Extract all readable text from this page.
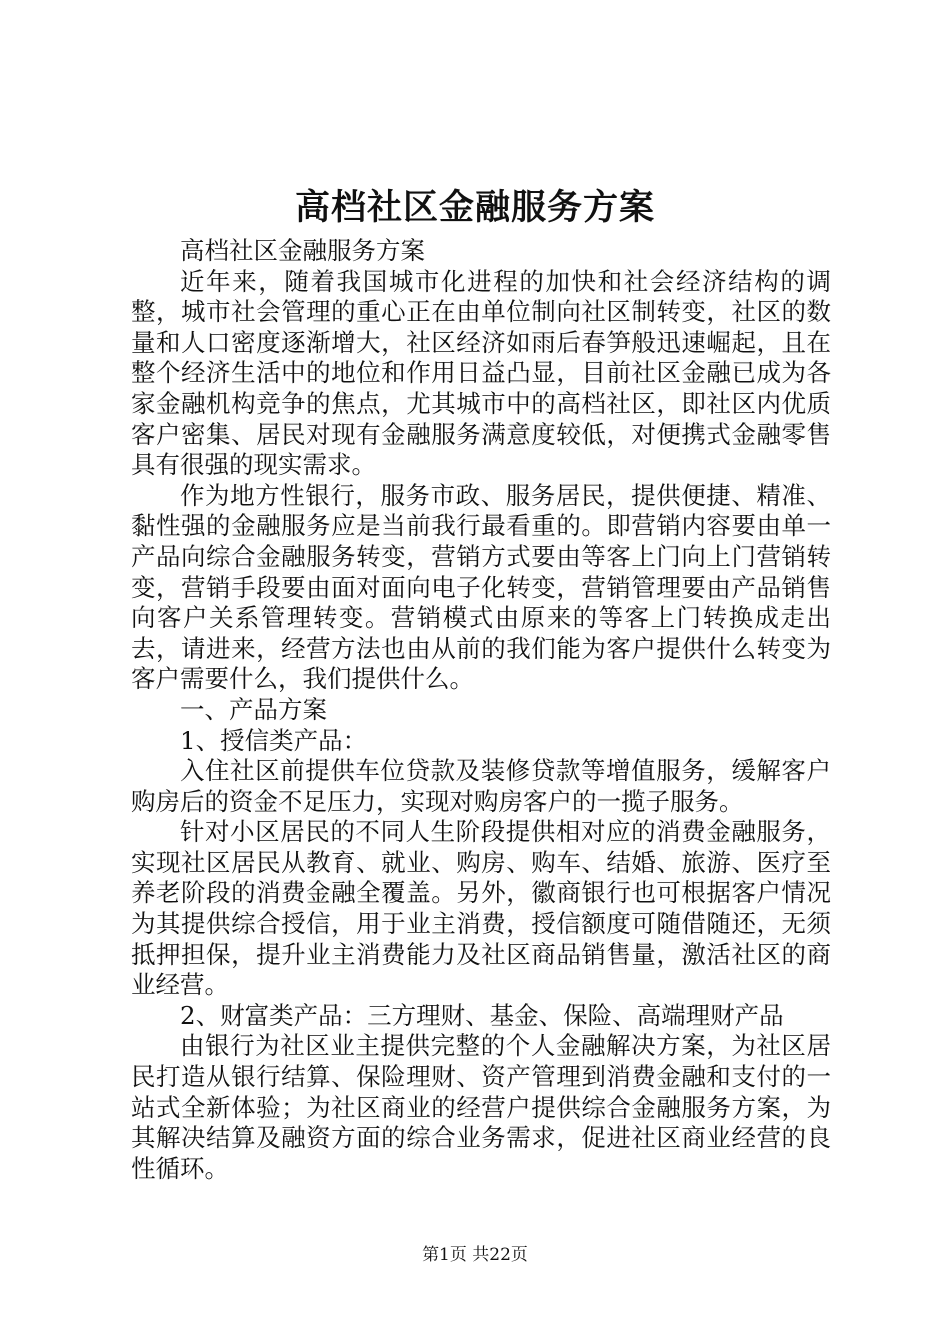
高档社区金融服务方案

高档社区金融服务方案

近年来，随着我国城市化进程的加快和社会经济结构的调整，城市社会管理的重心正在由单位制向社区制转变，社区的数量和人口密度逐渐增大，社区经济如雨后春笋般迅速崛起，且在整个经济生活中的地位和作用日益凸显，目前社区金融已成为各家金融机构竞争的焦点，尤其城市中的高档社区，即社区内优质客户密集、居民对现有金融服务满意度较低，对便携式金融零售具有很强的现实需求。

作为地方性银行，服务市政、服务居民，提供便捷、精准、黏性强的金融服务应是当前我行最看重的。即营销内容要由单一产品向综合金融服务转变，营销方式要由等客上门向上门营销转变，营销手段要由面对面向电子化转变，营销管理要由产品销售向客户关系管理转变。营销模式由原来的等客上门转换成走出去，请进来，经营方法也由从前的我们能为客户提供什么转变为客户需要什么，我们提供什么。

一、产品方案

1、授信类产品：

入住社区前提供车位贷款及装修贷款等增值服务，缓解客户购房后的资金不足压力，实现对购房客户的一揽子服务。

针对小区居民的不同人生阶段提供相对应的消费金融服务，实现社区居民从教育、就业、购房、购车、结婚、旅游、医疗至养老阶段的消费金融全覆盖。另外，徽商银行也可根据客户情况为其提供综合授信，用于业主消费，授信额度可随借随还，无须抵押担保，提升业主消费能力及社区商品销售量，激活社区的商业经营。

2、财富类产品：三方理财、基金、保险、高端理财产品

由银行为社区业主提供完整的个人金融解决方案，为社区居民打造从银行结算、保险理财、资产管理到消费金融和支付的一站式全新体验；为社区商业的经营户提供综合金融服务方案，为其解决结算及融资方面的综合业务需求，促进社区商业经营的良性循环。

第1页 共22页
